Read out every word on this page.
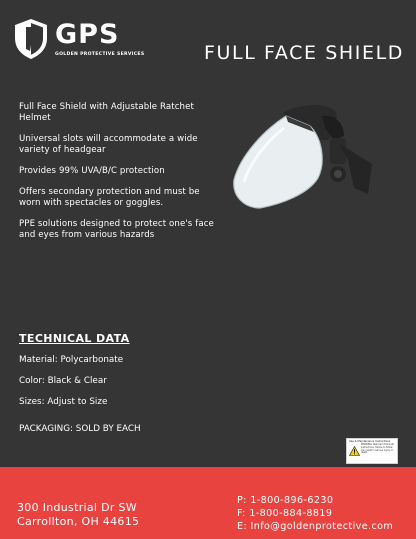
GPS
GOLDEN PROTECTIVE SERVICES	FULL FACE SHIELD

Full Face Shield with Adjustable Ratchet Helmet

Universal slots will accommodate a wide variety of headgear

Provides 99% UVA/B/C protection

Offers secondary protection and must be worn with spectacles or goggles.

PPE solutions designed to protect one's face and eyes from various hazards

TECHNICAL DATA
Material: Polycarbonate
Color: Black & Clear
Sizes: Adjust to Size
PACKAGING: SOLD BY EACH
Use & Maintenance Instructions
WARNING: Read and follow all instructions. Failure to follow can result in serious injury or death.
300 Industrial Dr SW
Carrollton, OH 44615
P: 1-800-896-6230
F: 1-800-884-8819
E: Info@goldenprotective.com
